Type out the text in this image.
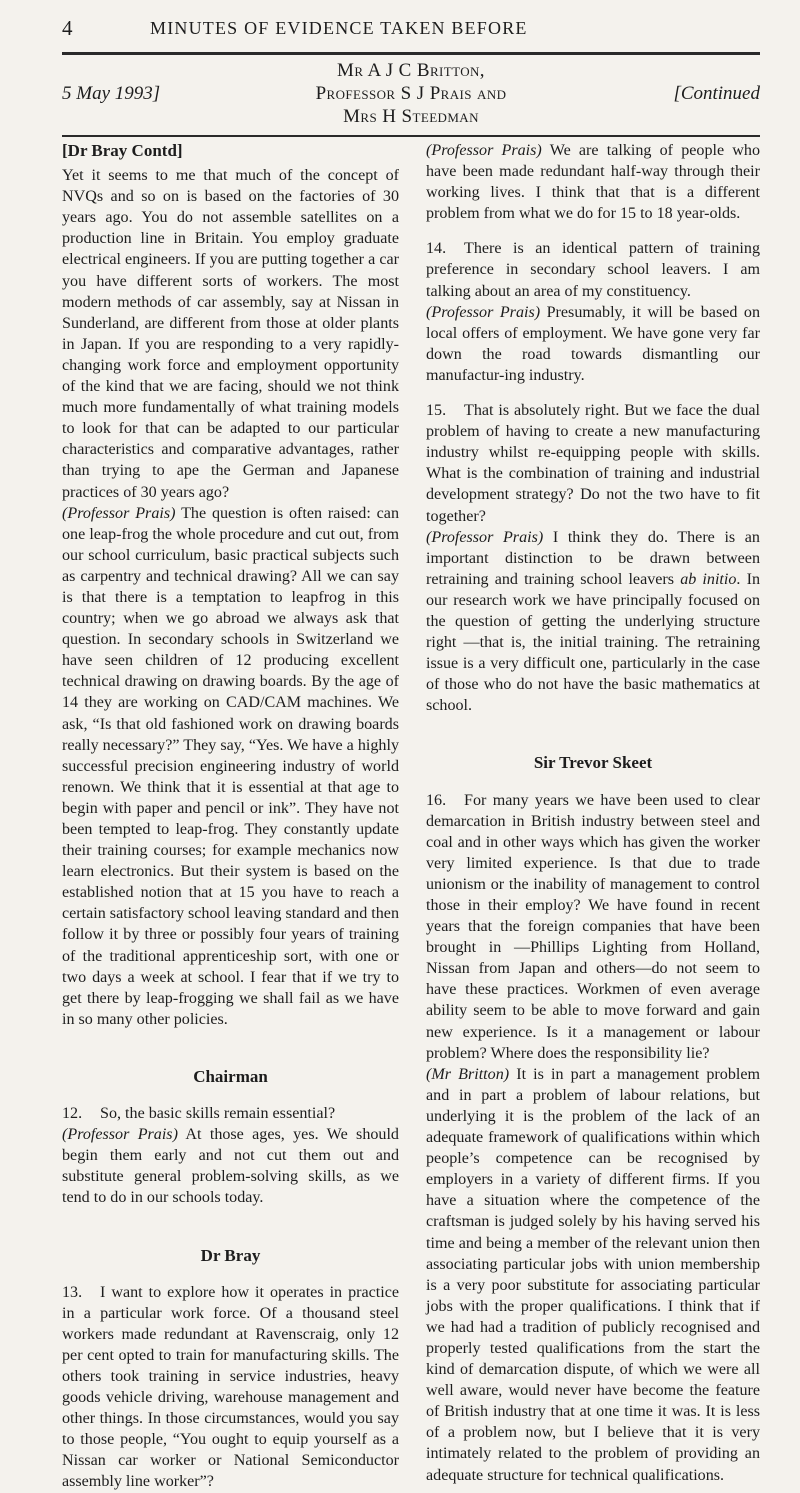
4	MINUTES OF EVIDENCE TAKEN BEFORE
Mr A J C Britton,
Professor S J Prais and
Mrs H Steedman
5 May 1993]	[Continued

[Dr Bray Contd]

Yet it seems to me that much of the concept of NVQs and so on is based on the factories of 30 years ago. You do not assemble satellites on a production line in Britain. You employ graduate electrical engineers. If you are putting together a car you have different sorts of workers. The most modern methods of car assembly, say at Nissan in Sunderland, are different from those at older plants in Japan. If you are responding to a very rapidly-changing work force and employment opportunity of the kind that we are facing, should we not think much more fundamentally of what training models to look for that can be adapted to our particular characteristics and comparative advantages, rather than trying to ape the German and Japanese practices of 30 years ago?

(Professor Prais) The question is often raised: can one leap-frog the whole procedure and cut out, from our school curriculum, basic practical subjects such as carpentry and technical drawing? All we can say is that there is a temptation to leapfrog in this country; when we go abroad we always ask that question. In secondary schools in Switzerland we have seen children of 12 producing excellent technical drawing on drawing boards. By the age of 14 they are working on CAD/CAM machines. We ask, “Is that old fashioned work on drawing boards really necessary?” They say, “Yes. We have a highly successful precision engineering industry of world renown. We think that it is essential at that age to begin with paper and pencil or ink”. They have not been tempted to leap-frog. They constantly update their training courses; for example mechanics now learn electronics. But their system is based on the established notion that at 15 you have to reach a certain satisfactory school leaving standard and then follow it by three or possibly four years of training of the traditional apprenticeship sort, with one or two days a week at school. I fear that if we try to get there by leap-frogging we shall fail as we have in so many other policies.

Chairman

12. So, the basic skills remain essential?

(Professor Prais) At those ages, yes. We should begin them early and not cut them out and substitute general problem-solving skills, as we tend to do in our schools today.

Dr Bray

13. I want to explore how it operates in practice in a particular work force. Of a thousand steel workers made redundant at Ravenscraig, only 12 per cent opted to train for manufacturing skills. The others took training in service industries, heavy goods vehicle driving, warehouse management and other things. In those circumstances, would you say to those people, “You ought to equip yourself as a Nissan car worker or National Semiconductor assembly line worker”?

(Professor Prais) We are talking of people who have been made redundant half-way through their working lives. I think that that is a different problem from what we do for 15 to 18 year-olds.

14. There is an identical pattern of training preference in secondary school leavers. I am talking about an area of my constituency.

(Professor Prais) Presumably, it will be based on local offers of employment. We have gone very far down the road towards dismantling our manufactur-ing industry.

15. That is absolutely right. But we face the dual problem of having to create a new manufacturing industry whilst re-equipping people with skills. What is the combination of training and industrial development strategy? Do not the two have to fit together?

(Professor Prais) I think they do. There is an important distinction to be drawn between retraining and training school leavers ab initio. In our research work we have principally focused on the question of getting the underlying structure right —that is, the initial training. The retraining issue is a very difficult one, particularly in the case of those who do not have the basic mathematics at school.

Sir Trevor Skeet

16. For many years we have been used to clear demarcation in British industry between steel and coal and in other ways which has given the worker very limited experience. Is that due to trade unionism or the inability of management to control those in their employ? We have found in recent years that the foreign companies that have been brought in —Phillips Lighting from Holland, Nissan from Japan and others—do not seem to have these practices. Workmen of even average ability seem to be able to move forward and gain new experience. Is it a management or labour problem? Where does the responsibility lie?

(Mr Britton) It is in part a management problem and in part a problem of labour relations, but underlying it is the problem of the lack of an adequate framework of qualifications within which people’s competence can be recognised by employers in a variety of different firms. If you have a situation where the competence of the craftsman is judged solely by his having served his time and being a member of the relevant union then associating particular jobs with union membership is a very poor substitute for associating particular jobs with the proper qualifications. I think that if we had had a tradition of publicly recognised and properly tested qualifications from the start the kind of demarcation dispute, of which we were all well aware, would never have become the feature of British industry that at one time it was. It is less of a problem now, but I believe that it is very intimately related to the problem of providing an adequate structure for technical qualifications.
